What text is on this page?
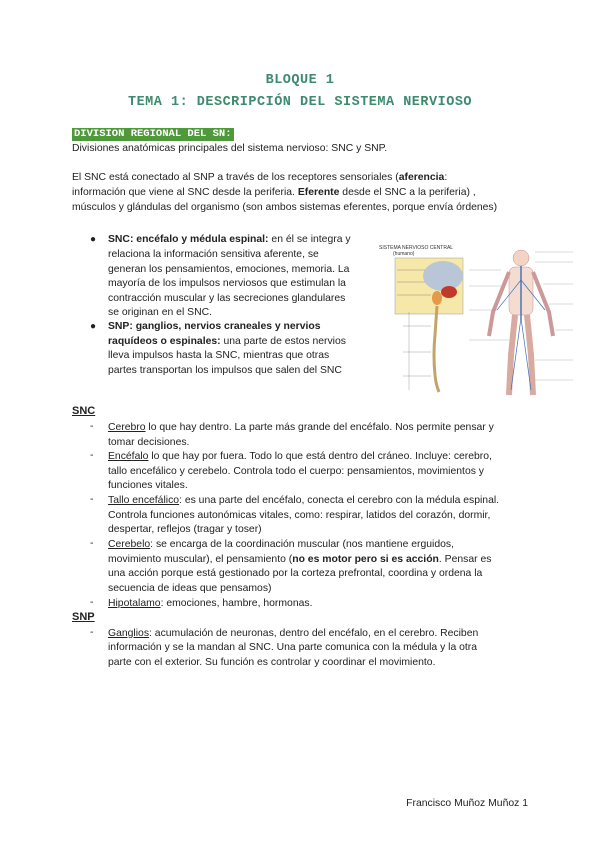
BLOQUE 1
TEMA 1: DESCRIPCIÓN DEL SISTEMA NERVIOSO
DIVISION REGIONAL DEL SN:
Divisiones anatómicas principales del sistema nervioso: SNC y SNP.
El SNC está conectado al SNP a través de los receptores sensoriales (aferencia:
información que viene al SNC desde la periferia. Eferente desde el SNC a la periferia) ,
músculos y glándulas del organismo (son ambos sistemas eferentes, porque envía órdenes)
● SNC: encéfalo y médula espinal: en él se integra y
relaciona la información sensitiva aferente, se
generan los pensamientos, emociones, memoria. La
mayoría de los impulsos nerviosos que estimulan la
contracción muscular y las secreciones glandulares
se originan en el SNC.
● SNP: ganglios, nervios craneales y nervios
raquídeos o espinales: una parte de estos nervios
lleva impulsos hasta la SNC, mientras que otras
partes transportan los impulsos que salen del SNC
SISTEMA NERVIOSO CENTRAL
(humano)
SNC
- Cerebro lo que hay dentro. La parte más grande del encéfalo. Nos permite pensar y
tomar decisiones.
- Encéfalo lo que hay por fuera. Todo lo que está dentro del cráneo. Incluye: cerebro,
tallo encefálico y cerebelo. Controla todo el cuerpo: pensamientos, movimientos y
funciones vitales.
- Tallo encefálico: es una parte del encéfalo, conecta el cerebro con la médula espinal.
Controla funciones autonómicas vitales, como: respirar, latidos del corazón, dormir,
despertar, reflejos (tragar y toser)
- Cerebelo: se encarga de la coordinación muscular (nos mantiene erguidos,
movimiento muscular), el pensamiento (no es motor pero si es acción. Pensar es
una acción porque está gestionado por la corteza prefrontal, coordina y ordena la
secuencia de ideas que pensamos)
- Hipotalamo: emociones, hambre, hormonas.
SNP
- Ganglios: acumulación de neuronas, dentro del encéfalo, en el cerebro. Reciben
información y se la mandan al SNC. Una parte comunica con la médula y la otra
parte con el exterior. Su función es controlar y coordinar el movimiento.
Francisco Muñoz Muñoz 1
